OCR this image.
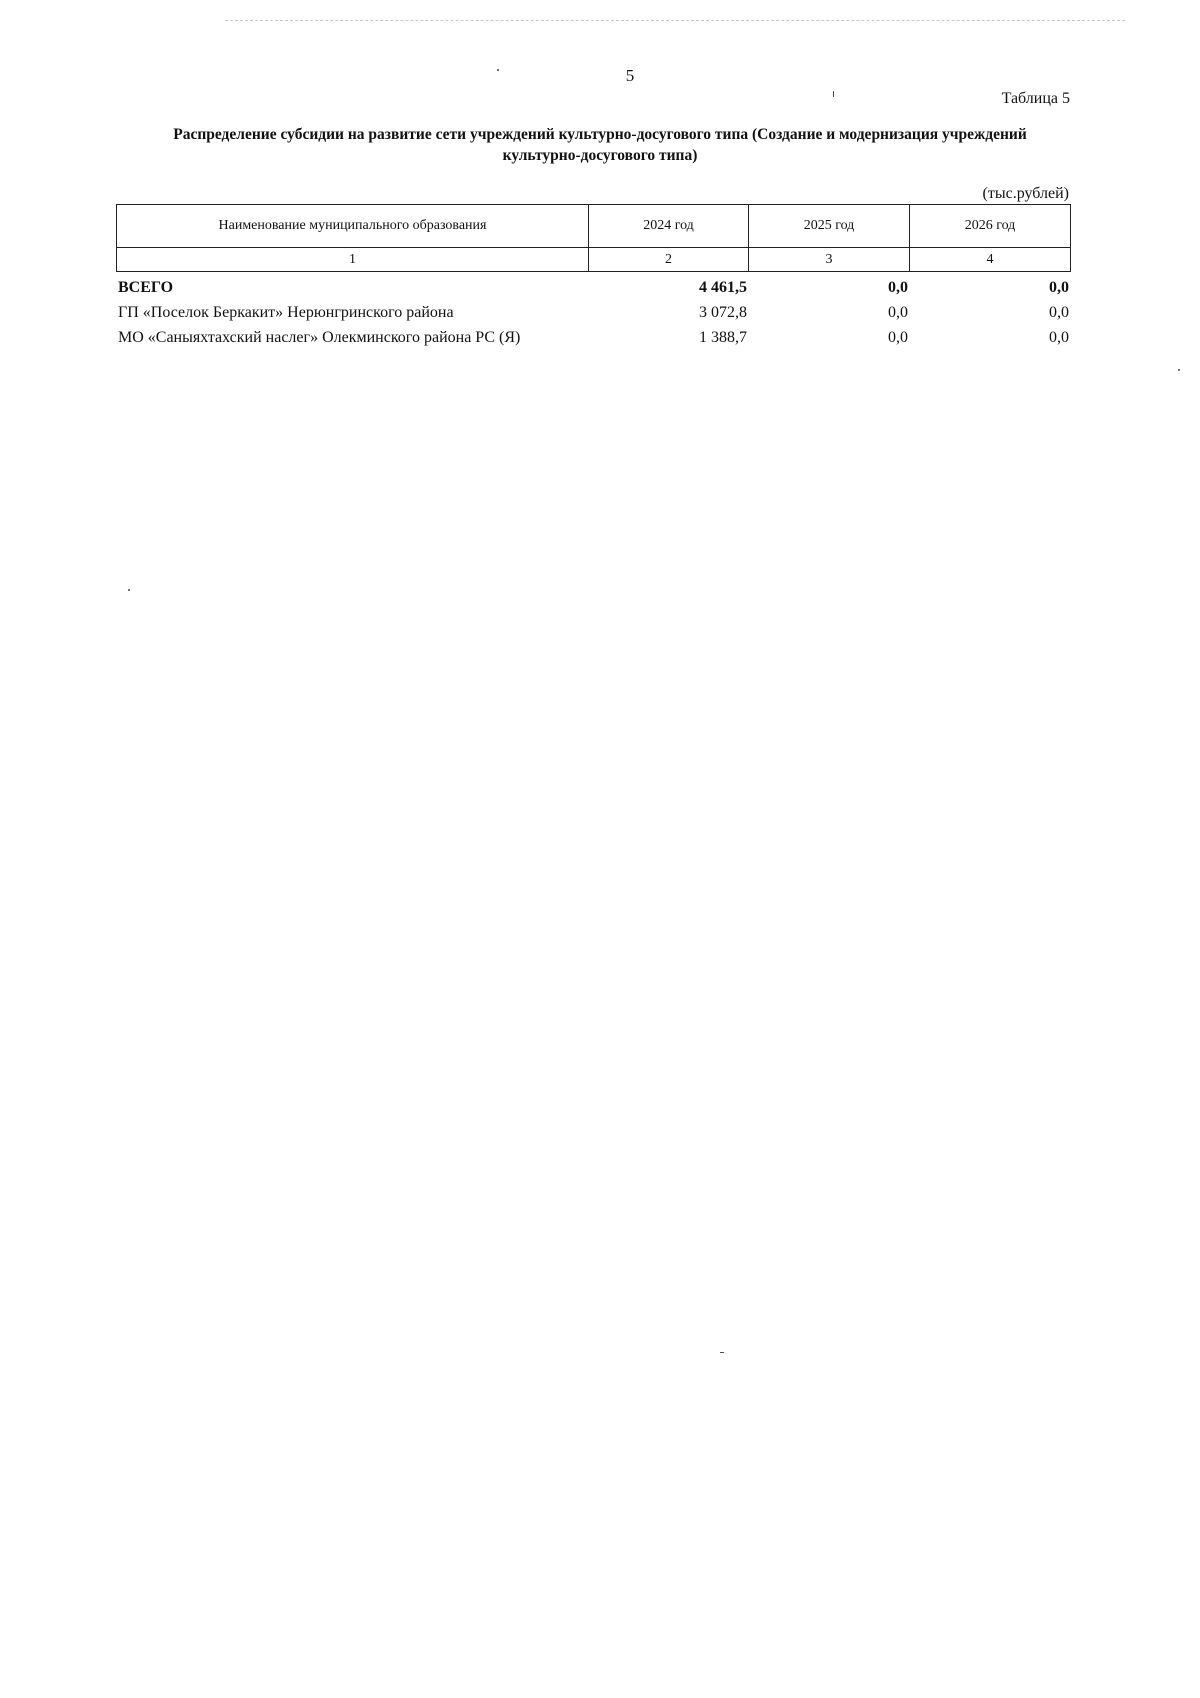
5
Таблица 5
Распределение субсидии на развитие сети учреждений культурно-досугового типа (Создание и модернизация учреждений культурно-досугового типа)
(тыс.рублей)
Наименование муниципального образования	2024 год	2025 год	2026 год
1	2	3	4
ВСЕГО	4 461,5	0,0	0,0
ГП «Поселок Беркакит» Нерюнгринского района	3 072,8	0,0	0,0
МО «Саныяхтахский наслег» Олекминского района РС (Я)	1 388,7	0,0	0,0
